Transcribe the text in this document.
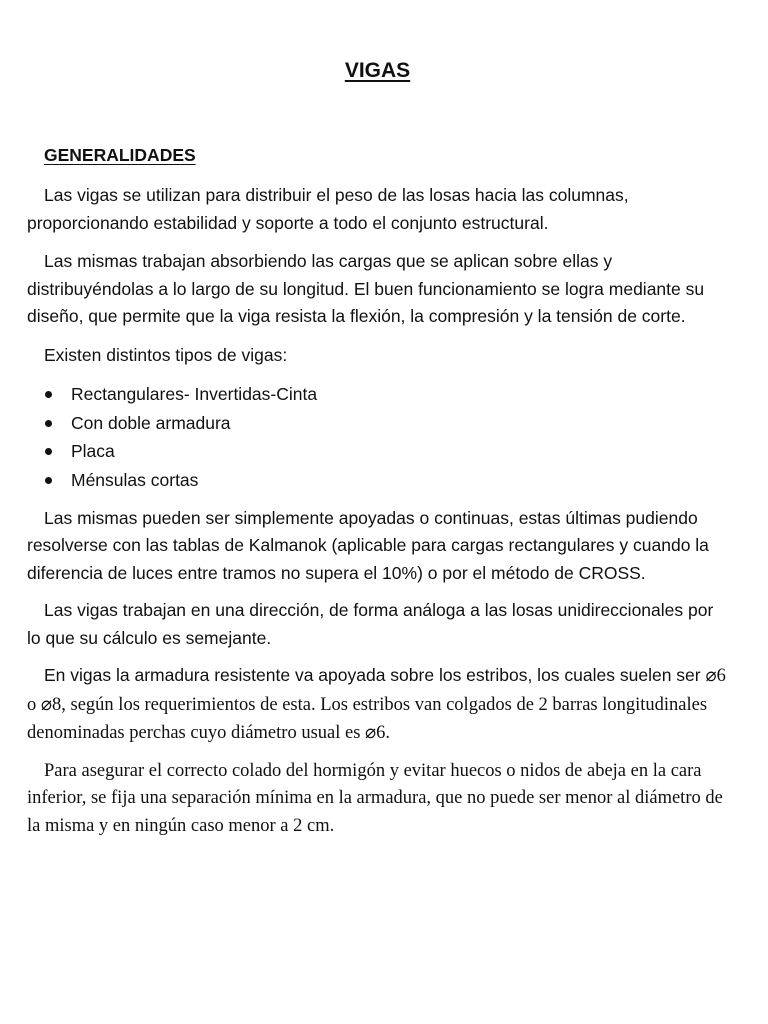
VIGAS
GENERALIDADES

Las vigas se utilizan para distribuir el peso de las losas hacia las columnas, proporcionando estabilidad y soporte a todo el conjunto estructural.

Las mismas trabajan absorbiendo las cargas que se aplican sobre ellas y distribuyéndolas a lo largo de su longitud. El buen funcionamiento se logra mediante su diseño, que permite que la viga resista la flexión, la compresión y la tensión de corte.

Existen distintos tipos de vigas:

Rectangulares- Invertidas-Cinta
Con doble armadura
Placa
Ménsulas cortas

Las mismas pueden ser simplemente apoyadas o continuas, estas últimas pudiendo resolverse con las tablas de Kalmanok (aplicable para cargas rectangulares y cuando la diferencia de luces entre tramos no supera el 10%) o por el método de CROSS.

Las vigas trabajan en una dirección, de forma análoga a las losas unidireccionales por lo que su cálculo es semejante.

En vigas la armadura resistente va apoyada sobre los estribos, los cuales suelen ser ⌀6 o ⌀8, según los requerimientos de esta. Los estribos van colgados de 2 barras longitudinales denominadas perchas cuyo diámetro usual es ⌀6.

Para asegurar el correcto colado del hormigón y evitar huecos o nidos de abeja en la cara inferior, se fija una separación mínima en la armadura, que no puede ser menor al diámetro de la misma y en ningún caso menor a 2 cm.
